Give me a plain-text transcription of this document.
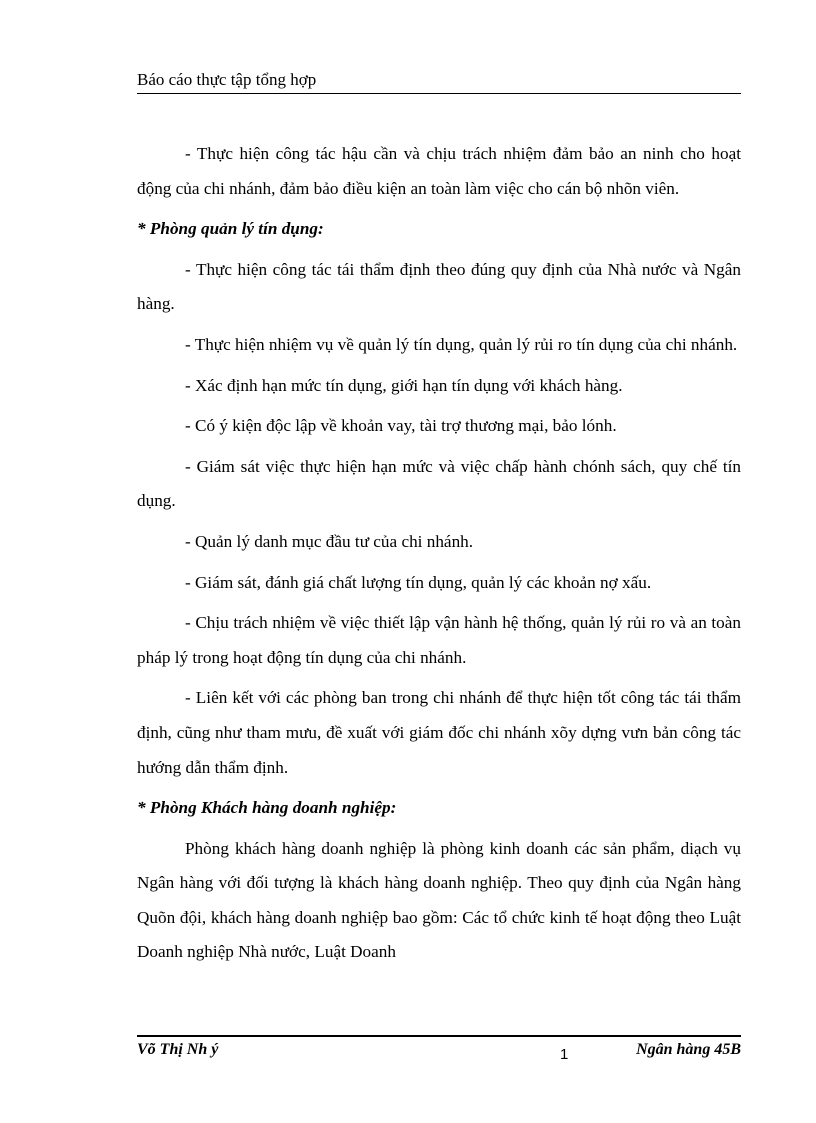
Báo cáo thực tập tổng hợp

- Thực hiện công tác hậu cần và chịu trách nhiệm đảm bảo an ninh cho hoạt động của chi nhánh, đảm bảo điều kiện an toàn làm việc cho cán bộ nhõn viên.

* Phòng quản lý tín dụng:

- Thực hiện công tác tái thẩm định theo đúng quy định của Nhà nước và Ngân hàng.

- Thực hiện nhiệm vụ về quản lý tín dụng, quản lý rủi ro tín dụng của chi nhánh.

- Xác định hạn mức tín dụng, giới hạn tín dụng với khách hàng.

- Có ý kiện độc lập về khoản vay, tài trợ thương mại, bảo lónh.

- Giám sát việc thực hiện hạn mức và việc chấp hành chónh sách, quy chế tín dụng.

- Quản lý danh mục đầu tư của chi nhánh.

- Giám sát, đánh giá chất lượng tín dụng, quản lý các khoản nợ xấu.

- Chịu trách nhiệm về việc thiết lập vận hành hệ thống, quản lý rủi ro và an toàn pháp lý trong hoạt động tín dụng của chi nhánh.

- Liên kết với các phòng ban trong chi nhánh để thực hiện tốt công tác tái thẩm định, cũng như tham mưu, đề xuất với giám đốc chi nhánh xõy dựng vưn bản công tác hướng dẫn thẩm định.

* Phòng Khách hàng doanh nghiệp:

Phòng khách hàng doanh nghiệp là phòng kinh doanh các sản phẩm, diạch vụ Ngân hàng với đối tượng là khách hàng doanh nghiệp. Theo quy định của Ngân hàng Quõn đội, khách hàng doanh nghiệp bao gồm: Các tổ chức kinh tế hoạt động theo Luật Doanh nghiệp Nhà nước, Luật Doanh

Võ Thị Nh ý	1	Ngân hàng 45B
